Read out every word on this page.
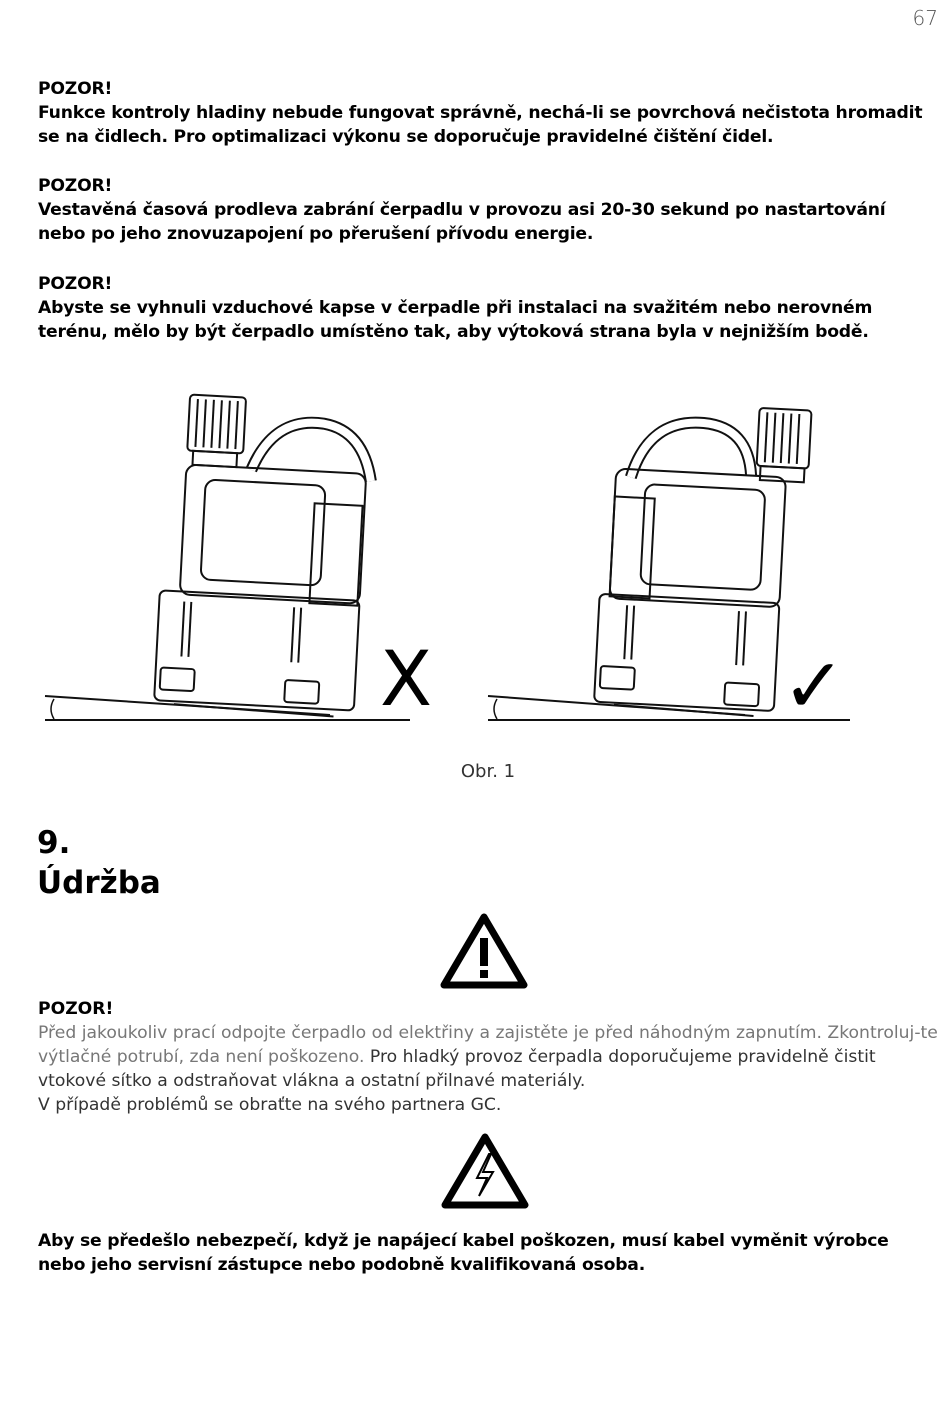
67

POZOR!

Funkce kontroly hladiny nebude fungovat správně, nechá-li se povrchová nečistota hromadit se na čidlech. Pro optimalizaci výkonu se doporučuje pravidelné čištění čidel.

POZOR!

Vestavěná časová prodleva zabrání čerpadlu v provozu asi 20-30 sekund po nastartování nebo po jeho znovuzapojení po přerušení přívodu energie.

POZOR!

Abyste se vyhnuli vzduchové kapse v čerpadle při instalaci na svažitém nebo nerovném terénu, mělo by být čerpadlo umístěno tak, aby výtoková strana byla v nejnižším bodě.

X	✓
Obr. 1
9.
Údržba
POZOR!
Před jakoukoliv prací odpojte čerpadlo od elektřiny a zajistěte je před náhodným zapnutím. Zkontroluj-te výtlačné potrubí, zda není poškozeno. Pro hladký provoz čerpadla doporučujeme pravidelně čistit vtokové sítko a odstraňovat vlákna a ostatní přilnavé materiály.
V případě problémů se obraťte na svého partnera GC.
Aby se předešlo nebezpečí, když je napájecí kabel poškozen, musí kabel vyměnit výrobce nebo jeho servisní zástupce nebo podobně kvalifikovaná osoba.
